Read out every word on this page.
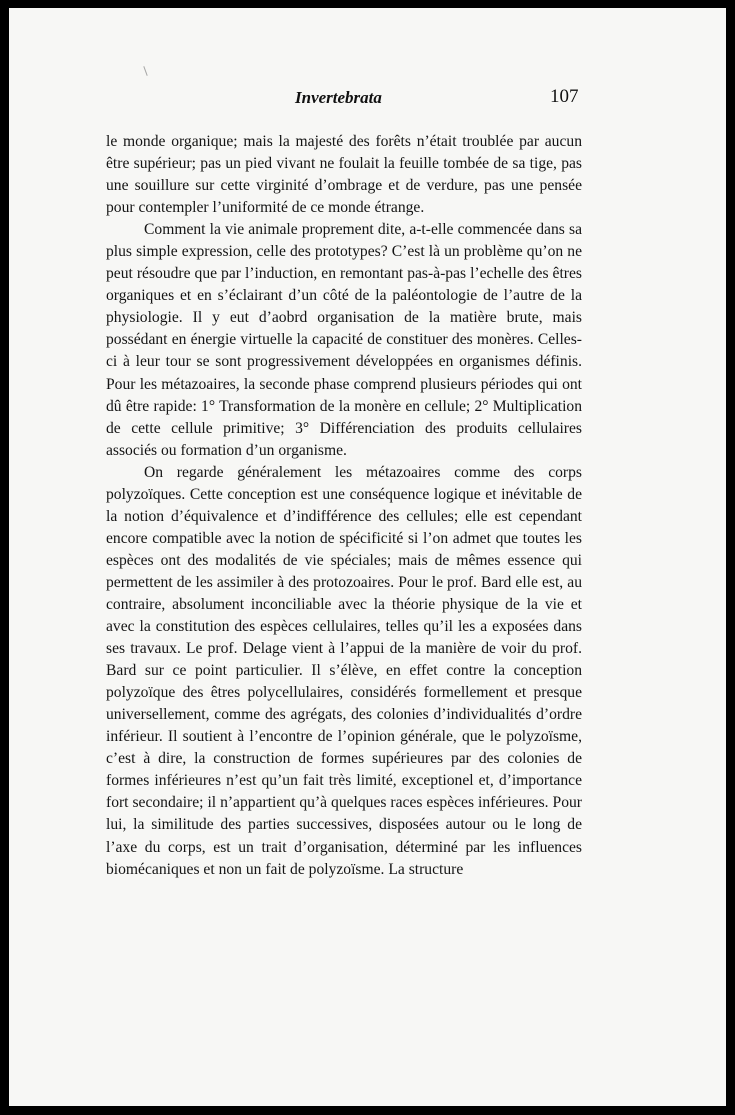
Invertebrata	107

le monde organique; mais la majesté des forêts n’était troublée par aucun être supérieur; pas un pied vivant ne foulait la feuille tombée de sa tige, pas une souillure sur cette virginité d’ombrage et de verdure, pas une pensée pour contempler l’uniformité de ce monde étrange.

Comment la vie animale proprement dite, a-t-elle commencée dans sa plus simple expression, celle des prototypes? C’est là un problème qu’on ne peut résoudre que par l’induction, en remontant pas-à-pas l’echelle des êtres organiques et en s’éclairant d’un côté de la paléontologie de l’autre de la physiologie. Il y eut d’aobrd organisation de la matière brute, mais possédant en énergie virtuelle la capacité de constituer des monères. Celles-ci à leur tour se sont progressivement développées en organismes définis. Pour les métazoaires, la seconde phase comprend plusieurs périodes qui ont dû être rapide: 1° Transformation de la monère en cellule; 2° Multiplication de cette cellule primitive; 3° Différenciation des produits cellulaires associés ou formation d’un organisme.

On regarde généralement les métazoaires comme des corps polyzoïques. Cette conception est une conséquence logique et inévitable de la notion d’équivalence et d’indifférence des cellules; elle est cependant encore compatible avec la notion de spécificité si l’on admet que toutes les espèces ont des modalités de vie spéciales; mais de mêmes essence qui permettent de les assimiler à des protozoaires. Pour le prof. Bard elle est, au contraire, absolument inconciliable avec la théorie physique de la vie et avec la constitution des espèces cellulaires, telles qu’il les a exposées dans ses travaux. Le prof. Delage vient à l’appui de la manière de voir du prof. Bard sur ce point particulier. Il s’élève, en effet contre la conception polyzoïque des êtres polycellulaires, considérés formellement et presque universellement, comme des agrégats, des colonies d’individualités d’ordre inférieur. Il soutient à l’encontre de l’opinion générale, que le polyzoïsme, c’est à dire, la construction de formes supérieures par des colonies de formes inférieures n’est qu’un fait très limité, exceptionel et, d’importance fort secondaire; il n’appartient qu’à quelques races espèces inférieures. Pour lui, la similitude des parties successives, disposées autour ou le long de l’axe du corps, est un trait d’organisation, déterminé par les influences biomécaniques et non un fait de polyzoïsme. La structure
